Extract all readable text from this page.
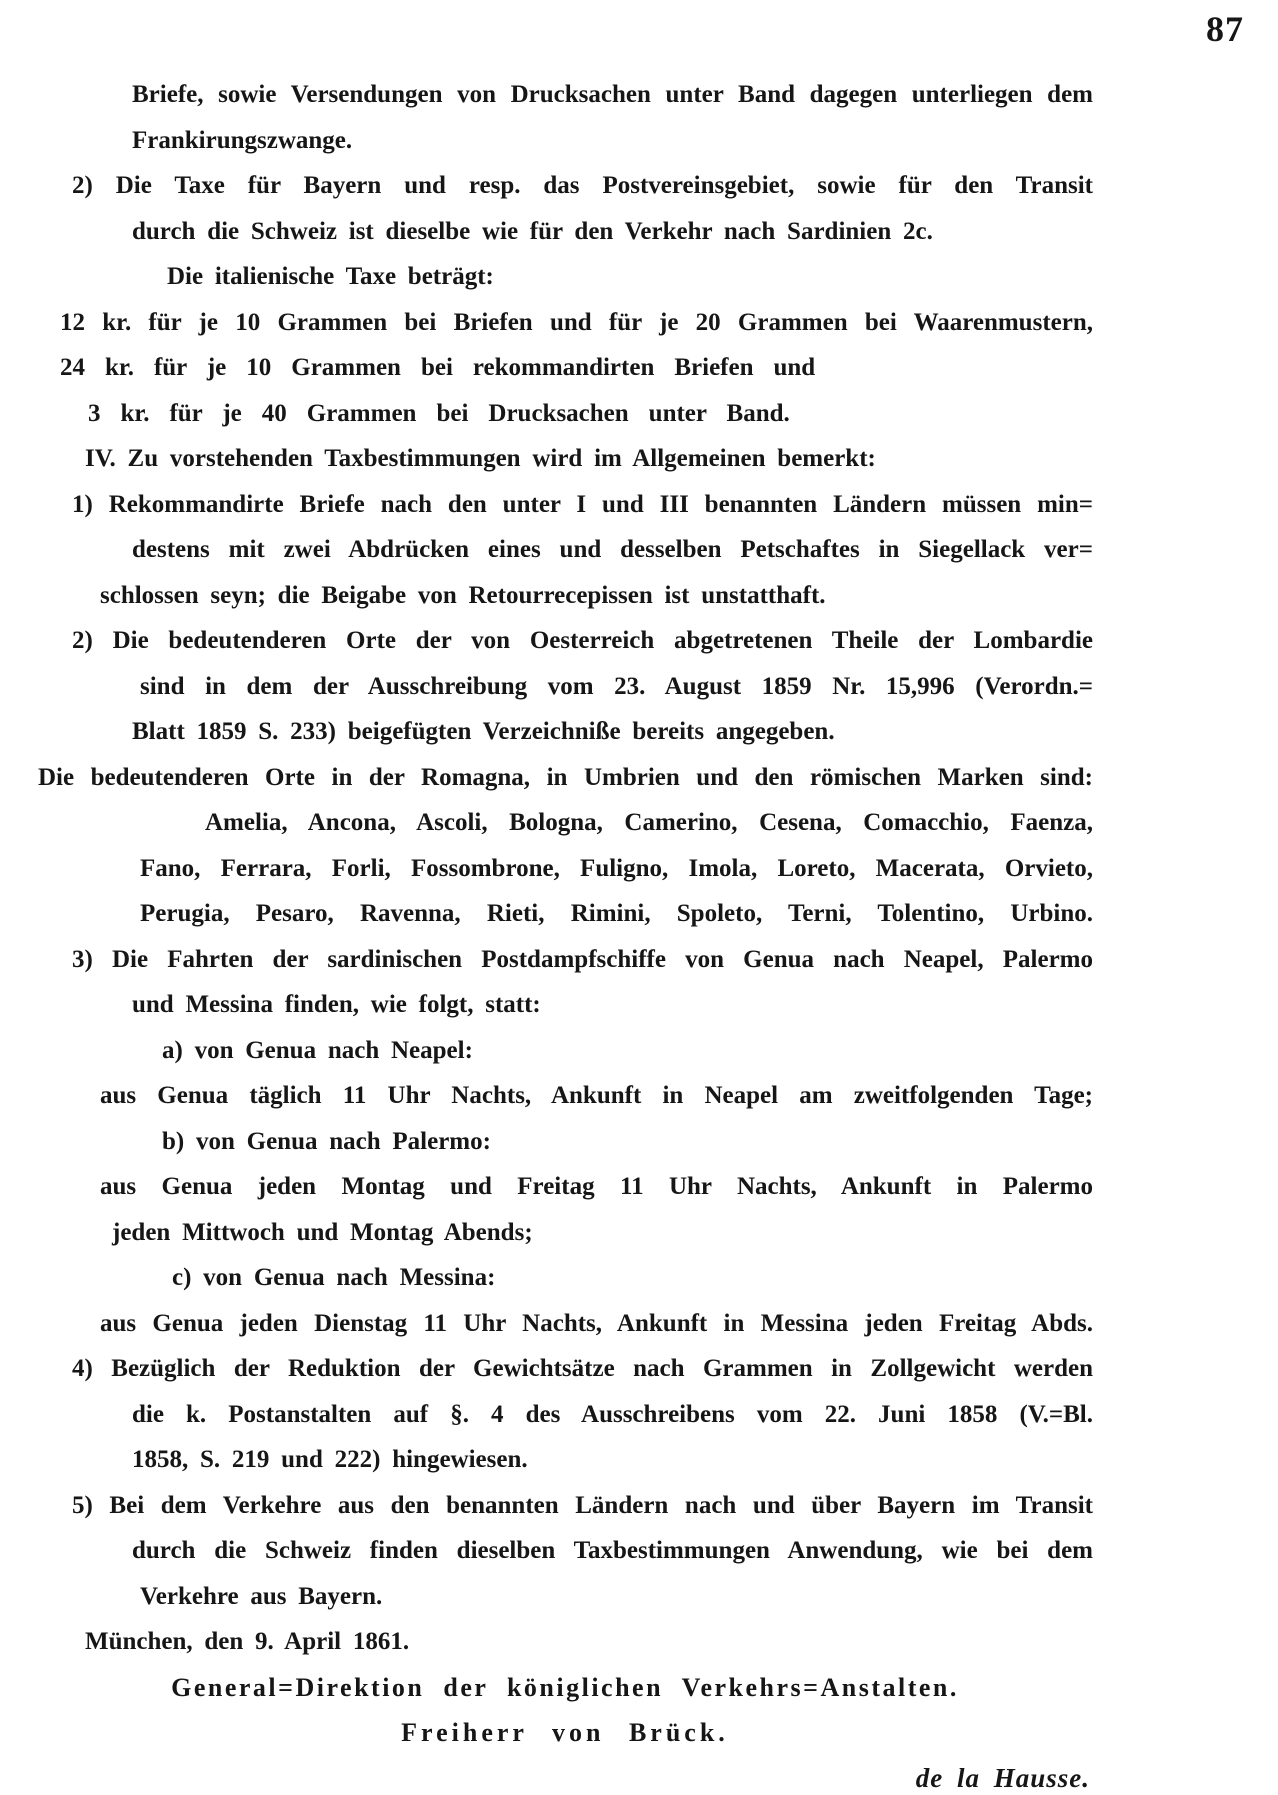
87
Briefe, sowie Versendungen von Drucksachen unter Band dagegen unterliegen dem
Frankirungszwange.
2) Die Taxe für Bayern und resp. das Postvereinsgebiet, sowie für den Transit
durch die Schweiz ist dieselbe wie für den Verkehr nach Sardinien 2c.
Die italienische Taxe beträgt:
12 kr. für je 10 Grammen bei Briefen und für je 20 Grammen bei Waarenmustern,
24 kr. für je 10 Grammen bei rekommandirten Briefen und
3 kr. für je 40 Grammen bei Drucksachen unter Band.
IV. Zu vorstehenden Taxbestimmungen wird im Allgemeinen bemerkt:
1) Rekommandirte Briefe nach den unter I und III benannten Ländern müssen min=
destens mit zwei Abdrücken eines und desselben Petschaftes in Siegellack ver=
schlossen seyn; die Beigabe von Retourrecepissen ist unstatthaft.
2) Die bedeutenderen Orte der von Oesterreich abgetretenen Theile der Lombardie
sind in dem der Ausschreibung vom 23. August 1859 Nr. 15,996 (Verordn.=
Blatt 1859 S. 233) beigefügten Verzeichniße bereits angegeben.
Die bedeutenderen Orte in der Romagna, in Umbrien und den römischen Marken sind:
Amelia, Ancona, Ascoli, Bologna, Camerino, Cesena, Comacchio, Faenza,
Fano, Ferrara, Forli, Fossombrone, Fuligno, Imola, Loreto, Macerata, Orvieto,
Perugia, Pesaro, Ravenna, Rieti, Rimini, Spoleto, Terni, Tolentino, Urbino.
3) Die Fahrten der sardinischen Postdampfschiffe von Genua nach Neapel, Palermo
und Messina finden, wie folgt, statt:
a) von Genua nach Neapel:
aus Genua täglich 11 Uhr Nachts, Ankunft in Neapel am zweitfolgenden Tage;
b) von Genua nach Palermo:
aus Genua jeden Montag und Freitag 11 Uhr Nachts, Ankunft in Palermo
jeden Mittwoch und Montag Abends;
c) von Genua nach Messina:
aus Genua jeden Dienstag 11 Uhr Nachts, Ankunft in Messina jeden Freitag Abds.
4) Bezüglich der Reduktion der Gewichtsätze nach Grammen in Zollgewicht werden
die k. Postanstalten auf §. 4 des Ausschreibens vom 22. Juni 1858 (V.=Bl.
1858, S. 219 und 222) hingewiesen.
5) Bei dem Verkehre aus den benannten Ländern nach und über Bayern im Transit
durch die Schweiz finden dieselben Taxbestimmungen Anwendung, wie bei dem
Verkehre aus Bayern.
München, den 9. April 1861.
General=Direktion der königlichen Verkehrs=Anstalten.
Freiherr von Brück.
de la Hausse.
